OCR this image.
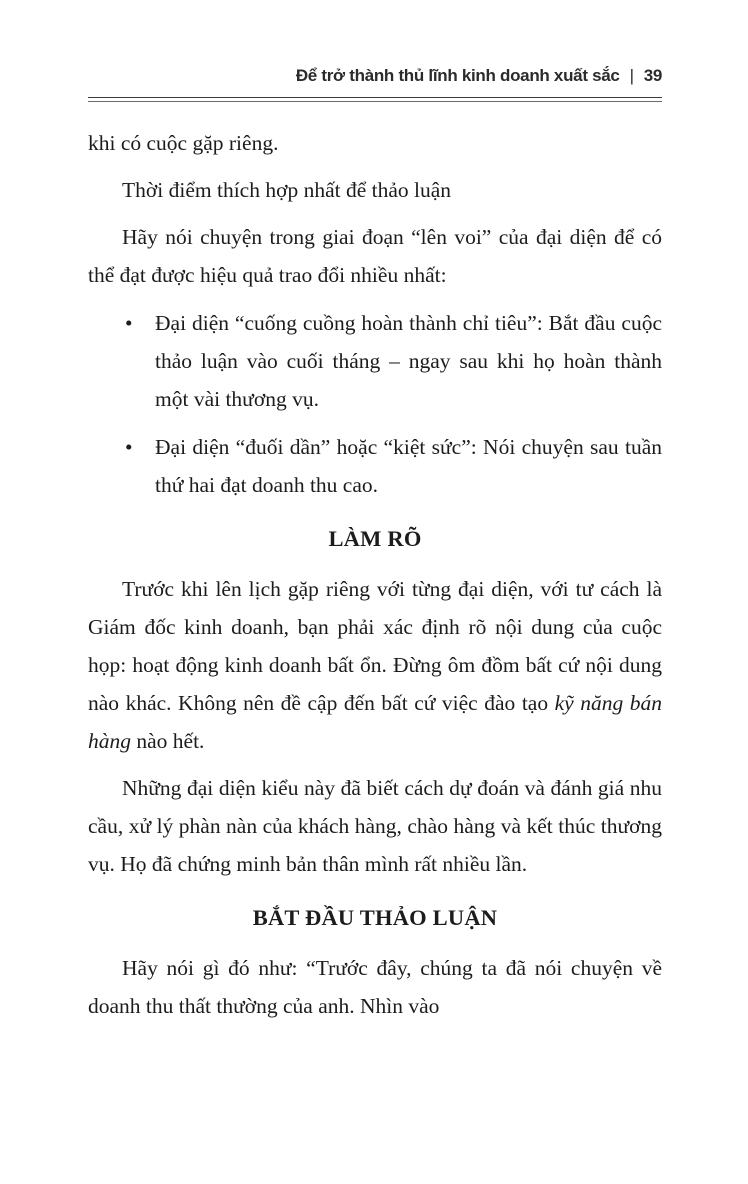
Để trở thành thủ lĩnh kinh doanh xuất sắc | 39

khi có cuộc gặp riêng.

Thời điểm thích hợp nhất để thảo luận

Hãy nói chuyện trong giai đoạn “lên voi” của đại diện để có thể đạt được hiệu quả trao đổi nhiều nhất:

•	Đại diện “cuống cuồng hoàn thành chỉ tiêu”: Bắt đầu cuộc thảo luận vào cuối tháng – ngay sau khi họ hoàn thành một vài thương vụ.
•	Đại diện “đuối dần” hoặc “kiệt sức”: Nói chuyện sau tuần thứ hai đạt doanh thu cao.

LÀM RÕ

Trước khi lên lịch gặp riêng với từng đại diện, với tư cách là Giám đốc kinh doanh, bạn phải xác định rõ nội dung của cuộc họp: hoạt động kinh doanh bất ổn. Đừng ôm đồm bất cứ nội dung nào khác. Không nên đề cập đến bất cứ việc đào tạo kỹ năng bán hàng nào hết.

Những đại diện kiểu này đã biết cách dự đoán và đánh giá nhu cầu, xử lý phàn nàn của khách hàng, chào hàng và kết thúc thương vụ. Họ đã chứng minh bản thân mình rất nhiều lần.

BẮT ĐẦU THẢO LUẬN

Hãy nói gì đó như: “Trước đây, chúng ta đã nói chuyện về doanh thu thất thường của anh. Nhìn vào
